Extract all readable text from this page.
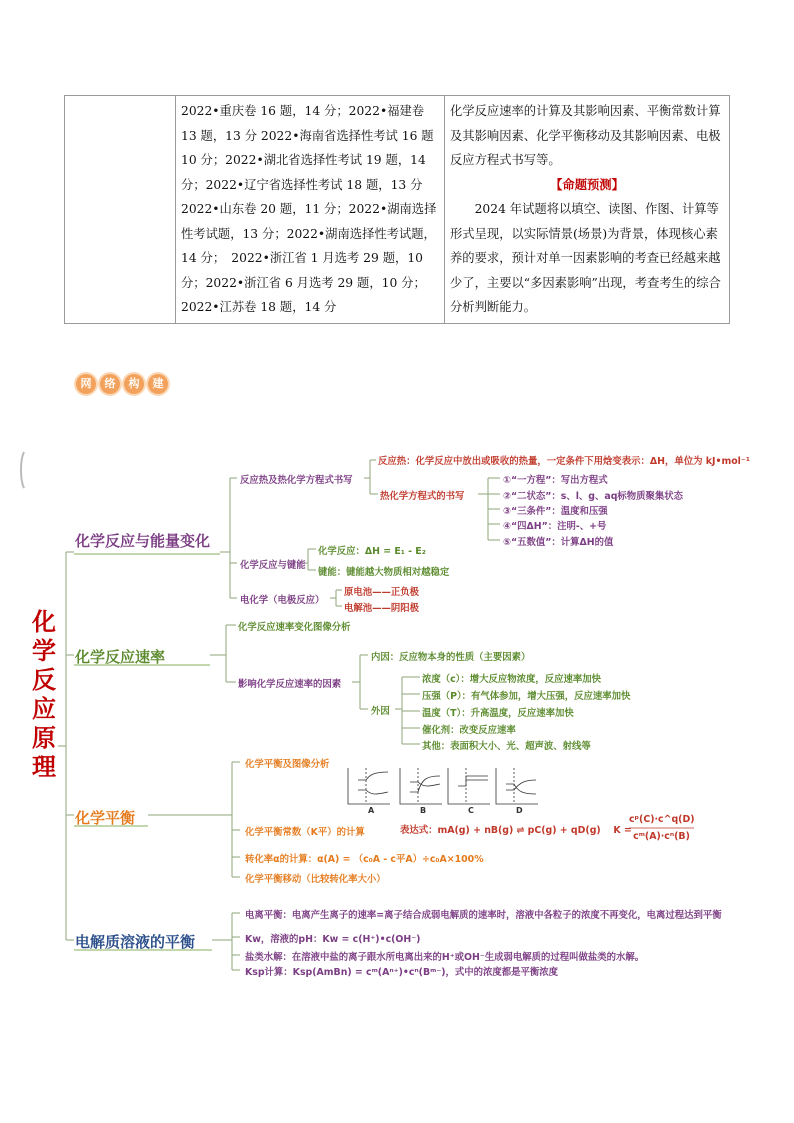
	2022•重庆卷 16 题，14 分；2022•福建卷 13 题，13 分 2022•海南省选择性考试 16 题 10 分；2022•湖北省选择性考试 19 题，14 分；2022•辽宁省选择性考试 18 题，13 分 2022•山东卷 20 题，11 分；2022•湖南选择性考试题，13 分；2022•湖南选择性考试题，14 分；　2022•浙江省 1 月选考 29 题，10 分；2022•浙江省 6 月选考 29 题，10 分；2022•江苏卷 18 题，14 分	
化学反应速率的计算及其影响因素、平衡常数计算及其影响因素、化学平衡移动及其影响因素、电极反应方程式书写等。
【命题预测】
2024 年试题将以填空、读图、作图、计算等形式呈现，以实际情景(场景)为背景，体现核心素养的要求，预计对单一因素影响的考查已经越来越少了，主要以“多因素影响”出现，考查考生的综合分析判断能力。
网	络	构	建
A	B	C	D
化学反应原理
化学反应与能量变化
化学反应速率
化学平衡
电解质溶液的平衡
反应热及热化学方程式书写
反应热：化学反应中放出或吸收的热量，一定条件下用焓变表示：ΔH，单位为 kJ•mol⁻¹
热化学方程式的书写
①“一方程”：写出方程式
②“二状态”：s、l、g、aq标物质聚集状态
③“三条件”：温度和压强
④“四ΔH”：注明-、+号
⑤“五数值”：计算ΔH的值
化学反应与键能
化学反应：ΔH = E₁ - E₂
键能：键能越大物质相对越稳定
电化学（电极反应）
原电池——正负极
电解池——阴阳极
化学反应速率变化图像分析
影响化学反应速率的因素
内因：反应物本身的性质（主要因素）
外因
浓度（c）：增大反应物浓度，反应速率加快
压强（P）：有气体参加，增大压强，反应速率加快
温度（T）：升高温度，反应速率加快
催化剂：改变反应速率
其他：表面积大小、光、超声波、射线等
化学平衡及图像分析
化学平衡常数（K平）的计算	表达式：mA(g) + nB(g) ⇌ pC(g) + qD(g)　 K =
cᵖ(C)·c^q(D)
cᵐ(A)·cⁿ(B)
转化率α的计算：α(A) = （c₀A - c平A）÷c₀A×100%
化学平衡移动（比较转化率大小）
电离平衡：电离产生离子的速率=离子结合成弱电解质的速率时，溶液中各粒子的浓度不再变化，电离过程达到平衡
Kw，溶液的pH：Kw = c(H⁺)•c(OH⁻)
盐类水解：在溶液中盐的离子跟水所电离出来的H⁺或OH⁻生成弱电解质的过程叫做盐类的水解。
Ksp计算：Ksp(AmBn) = cᵐ(Aⁿ⁺)•cⁿ(Bᵐ⁻)，式中的浓度都是平衡浓度
